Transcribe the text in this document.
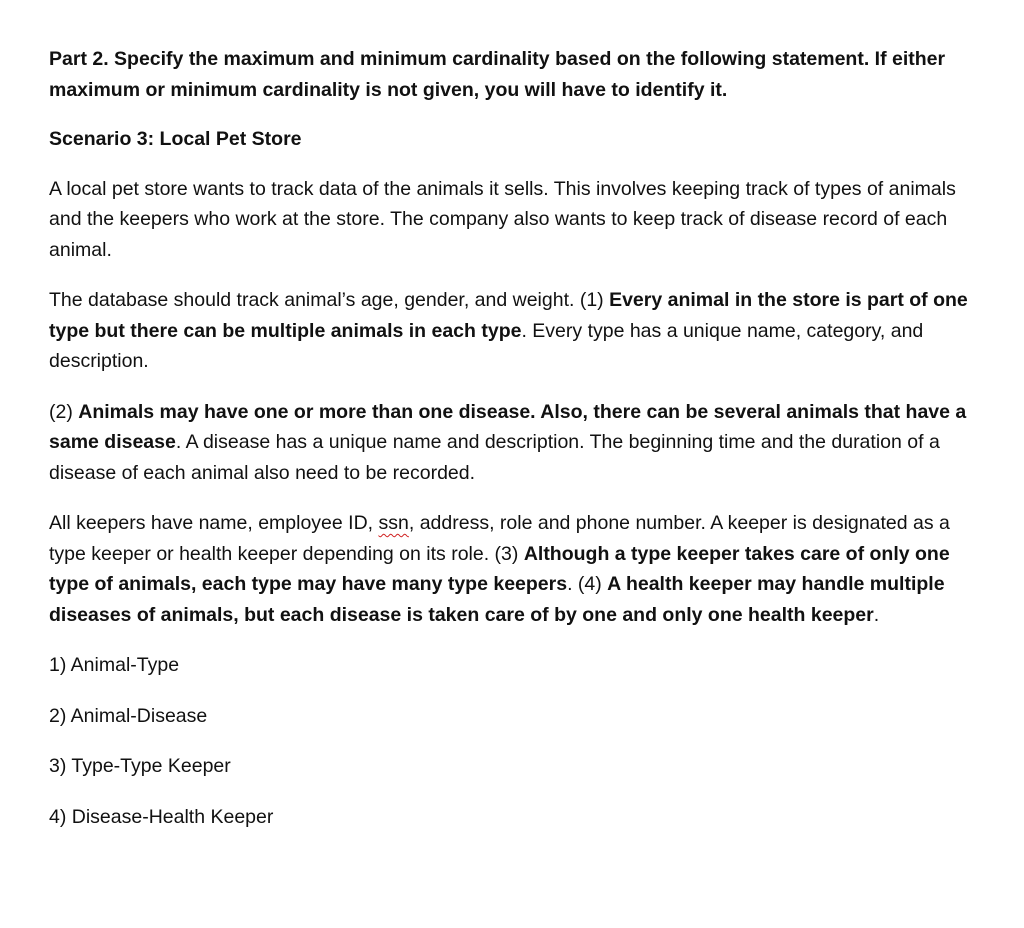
Part 2. Specify the maximum and minimum cardinality based on the following statement. If either maximum or minimum cardinality is not given, you will have to identify it.

Scenario 3: Local Pet Store

A local pet store wants to track data of the animals it sells. This involves keeping track of types of animals and the keepers who work at the store. The company also wants to keep track of disease record of each animal.

The database should track animal’s age, gender, and weight. (1) Every animal in the store is part of one type but there can be multiple animals in each type. Every type has a unique name, category, and description.

(2) Animals may have one or more than one disease. Also, there can be several animals that have a same disease. A disease has a unique name and description. The beginning time and the duration of a disease of each animal also need to be recorded.

All keepers have name, employee ID, ssn, address, role and phone number. A keeper is designated as a type keeper or health keeper depending on its role. (3) Although a type keeper takes care of only one type of animals, each type may have many type keepers. (4) A health keeper may handle multiple diseases of animals, but each disease is taken care of by one and only one health keeper.

1) Animal-Type
2) Animal-Disease
3) Type-Type Keeper
4) Disease-Health Keeper
